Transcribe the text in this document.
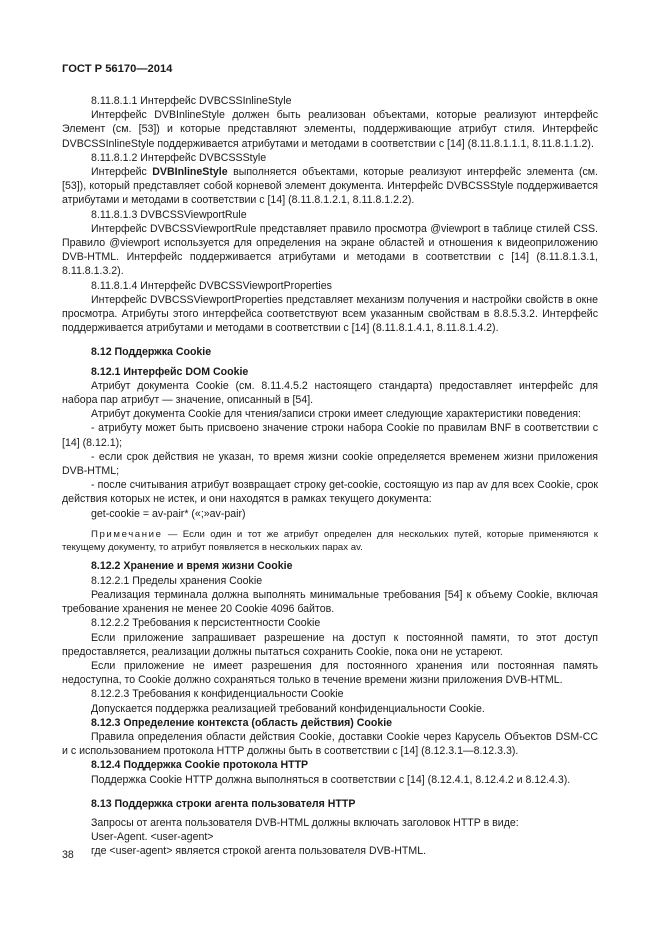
ГОСТ Р 56170—2014

8.11.8.1.1 Интерфейс DVBCSSInlineStyle

Интерфейс DVBInlineStyle должен быть реализован объектами, которые реализуют интерфейс Элемент (см. [53]) и которые представляют элементы, поддерживающие атрибут стиля. Интерфейс DVBCSSInlineStyle поддерживается атрибутами и методами в соответствии с [14] (8.11.8.1.1.1, 8.11.8.1.1.2).

8.11.8.1.2 Интерфейс DVBCSSStyle

Интерфейс DVBInlineStyle выполняется объектами, которые реализуют интерфейс элемента (см. [53]), который представляет собой корневой элемент документа. Интерфейс DVBCSSStyle поддерживается атрибутами и методами в соответствии с [14] (8.11.8.1.2.1, 8.11.8.1.2.2).

8.11.8.1.3 DVBCSSViewportRule

Интерфейс DVBCSSViewportRule представляет правило просмотра @viewport в таблице стилей CSS. Правило @viewport используется для определения на экране областей и отношения к видеоприложению DVB-HTML. Интерфейс поддерживается атрибутами и методами в соответствии с [14] (8.11.8.1.3.1, 8.11.8.1.3.2).

8.11.8.1.4 Интерфейс DVBCSSViewportProperties

Интерфейс DVBCSSViewportProperties представляет механизм получения и настройки свойств в окне просмотра. Атрибуты этого интерфейса соответствуют всем указанным свойствам в 8.8.5.3.2. Интерфейс поддерживается атрибутами и методами в соответствии с [14] (8.11.8.1.4.1, 8.11.8.1.4.2).

8.12 Поддержка Cookie

8.12.1 Интерфейс DOM Cookie

Атрибут документа Cookie (см. 8.11.4.5.2 настоящего стандарта) предоставляет интерфейс для набора пар атрибут — значение, описанный в [54].

Атрибут документа Cookie для чтения/записи строки имеет следующие характеристики поведения:

- атрибуту может быть присвоено значение строки набора Cookie по правилам BNF в соответствии с [14] (8.12.1);

- если срок действия не указан, то время жизни cookie определяется временем жизни приложения DVB-HTML;

- после считывания атрибут возвращает строку get-cookie, состоящую из пар av для всех Cookie, срок действия которых не истек, и они находятся в рамках текущего документа:

get-cookie = av-pair* («;»av-pair)

Примечание — Если один и тот же атрибут определен для нескольких путей, которые применяются к текущему документу, то атрибут появляется в нескольких парах av.

8.12.2 Хранение и время жизни Cookie

8.12.2.1 Пределы хранения Cookie

Реализация терминала должна выполнять минимальные требования [54] к объему Cookie, включая требование хранения не менее 20 Cookie 4096 байтов.

8.12.2.2 Требования к персистентности Cookie

Если приложение запрашивает разрешение на доступ к постоянной памяти, то этот доступ предоставляется, реализации должны пытаться сохранить Cookie, пока они не устареют.

Если приложение не имеет разрешения для постоянного хранения или постоянная память недоступна, то Cookie должно сохраняться только в течение времени жизни приложения DVB-HTML.

8.12.2.3 Требования к конфиденциальности Cookie

Допускается поддержка реализацией требований конфиденциальности Cookie.

8.12.3 Определение контекста (область действия) Cookie

Правила определения области действия Cookie, доставки Cookie через Карусель Объектов DSM-CC и с использованием протокола HTTP должны быть в соответствии с [14] (8.12.3.1—8.12.3.3).

8.12.4 Поддержка Cookie протокола HTTP

Поддержка Cookie HTTP должна выполняться в соответствии с [14] (8.12.4.1, 8.12.4.2 и 8.12.4.3).

8.13 Поддержка строки агента пользователя HTTP

Запросы от агента пользователя DVB-HTML должны включать заголовок HTTP в виде:

User-Agent. <user-agent>

где <user-agent> является строкой агента пользователя DVB-HTML.

38
